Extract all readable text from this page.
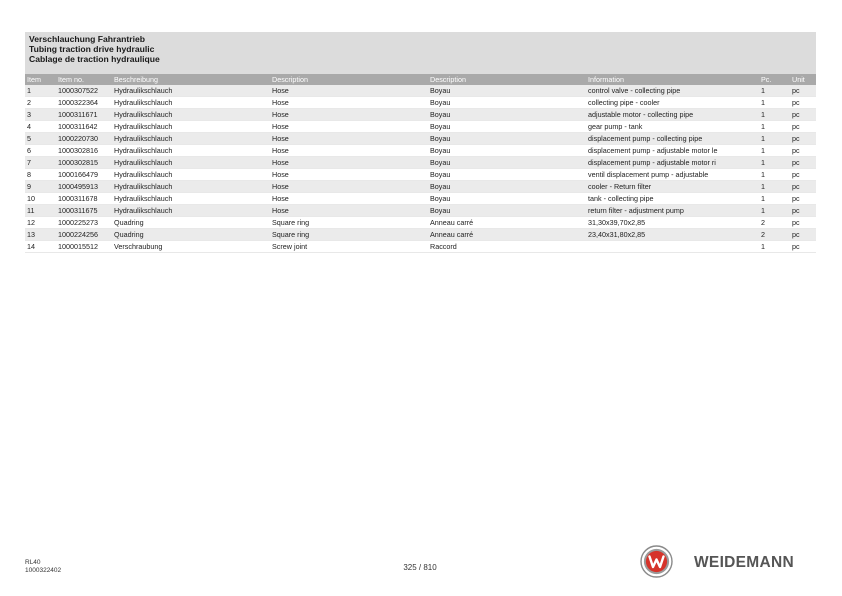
Verschlauchung Fahrantrieb
Tubing traction drive hydraulic
Cablage de traction hydraulique
Item	Item no.	Beschreibung	Description	Description	Information	Pc.	Unit
1	1000307522	Hydraulikschlauch	Hose	Boyau	control valve - collecting pipe	1	pc
2	1000322364	Hydraulikschlauch	Hose	Boyau	collecting pipe - cooler	1	pc
3	1000311671	Hydraulikschlauch	Hose	Boyau	adjustable motor - collecting pipe	1	pc
4	1000311642	Hydraulikschlauch	Hose	Boyau	gear pump - tank	1	pc
5	1000220730	Hydraulikschlauch	Hose	Boyau	displacement pump - collecting pipe	1	pc
6	1000302816	Hydraulikschlauch	Hose	Boyau	displacement pump - adjustable motor le	1	pc
7	1000302815	Hydraulikschlauch	Hose	Boyau	displacement pump - adjustable motor ri	1	pc
8	1000166479	Hydraulikschlauch	Hose	Boyau	ventil displacement pump - adjustable	1	pc
9	1000495913	Hydraulikschlauch	Hose	Boyau	cooler - Return filter	1	pc
10	1000311678	Hydraulikschlauch	Hose	Boyau	tank - collecting pipe	1	pc
11	1000311675	Hydraulikschlauch	Hose	Boyau	return filter - adjustment pump	1	pc
12	1000225273	Quadring	Square ring	Anneau carré	31,30x39,70x2,85	2	pc
13	1000224256	Quadring	Square ring	Anneau carré	23,40x31,80x2,85	2	pc
14	1000015512	Verschraubung	Screw joint	Raccord		1	pc
RL40
1000322402	325 / 810	WEIDEMANN
